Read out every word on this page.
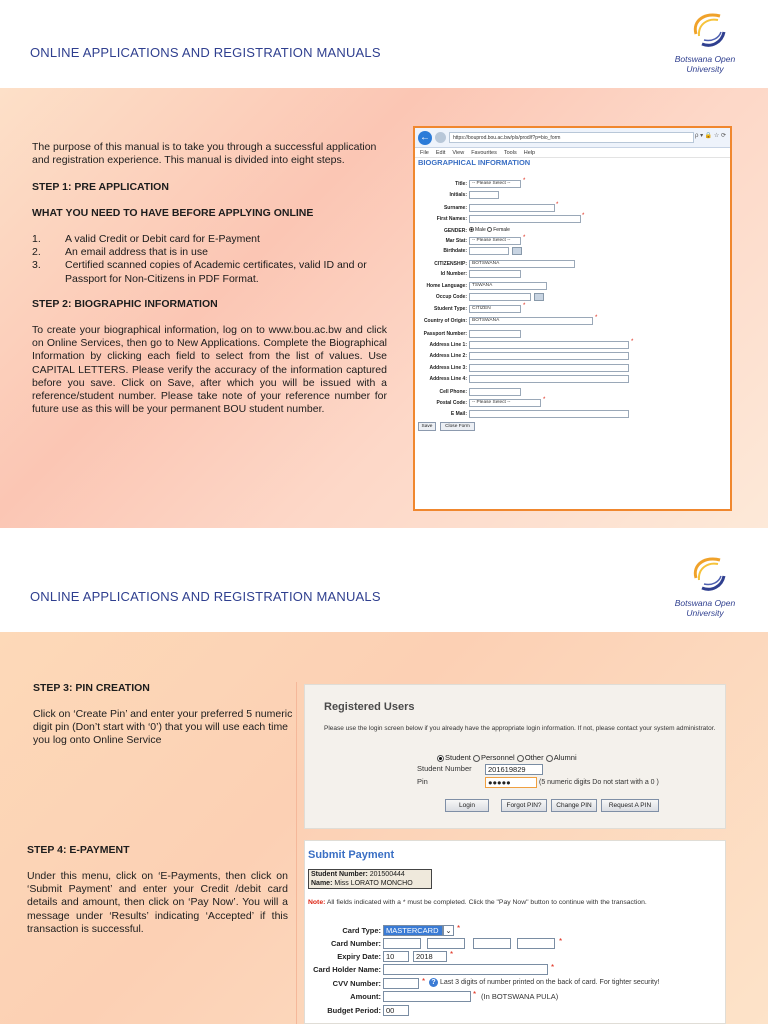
ONLINE APPLICATIONS AND REGISTRATION MANUALS	Botswana Open
University
The purpose of this manual is to take you through a successful application and registration experience. This manual is divided into eight steps.
STEP 1: PRE APPLICATION
WHAT YOU NEED TO HAVE BEFORE APPLYING ONLINE
1.	A valid Credit or Debit card for E-Payment
2.	An email address that is in use
3.	Certified scanned copies of Academic certificates, valid ID and or Passport for Non-Citizens in PDF Format.
STEP 2: BIOGRAPHIC INFORMATION
To create your biographical information, log on to www.bou.ac.bw and click on Online Services, then go to New Applications. Complete the Biographical Information by clicking each field to select from the list of values. Use CAPITAL LETTERS. Please verify the accuracy of the information captured before you save. Click on Save, after which you will be issued with a reference/student number. Please take note of your reference number for future use as this will be your permanent BOU student number.
←	https://bouprod.bou.ac.bw/pls/prod/f?p=bio_form	ρ ▾ 🔒 ☆ ⟳
File Edit View Favourites Tools Help
BIOGRAPHICAL INFORMATION
Title:	-- Please Select --	*
Initials:
Surname:	*
First Names:	*
GENDER:	Male Female
Mar Stat:	-- Please Select --	*
Birthdate:
CITIZENSHIP:	BOTSWANA
Id Number:
Home Language:	TSWANA
Occup Code:
Student Type:	CITIZEN	*
Country of Origin:	BOTSWANA	*
Passport Number:
Address Line 1:	*
Address Line 2:
Address Line 3:
Address Line 4:
Cell Phone:
Postal Code:	-- Please Select --	*
E Mail:
Save	Close Form
ONLINE APPLICATIONS AND REGISTRATION MANUALS	Botswana Open
University
STEP 3: PIN CREATION
Click on ‘Create Pin’ and enter your preferred 5 numeric digit pin (Don’t start with ‘0’) that you will use each time you log onto Online Service
STEP 4: E-PAYMENT
Under this menu, click on ‘E-Payments, then click on ‘Submit Payment’ and enter your Credit /debit card details and amount, then click on ‘Pay Now’. You will a message under ‘Results’ indicating ‘Accepted’ if this transaction is successful.
Registered Users
Please use the login screen below if you already have the appropriate login information. If not, please contact your system administrator.
Student Personnel Other Alumni
Student Number	201619829
Pin	●●●●●	(5 numeric digits Do not start with a 0 )
Login	Forgot PIN?	Change PIN	Request A PIN
Submit Payment
Student Number: 201500444
Name: Miss LORATO MONCHO
Note: All fields indicated with a * must be completed. Click the "Pay Now" button to continue with the transaction.
Card Type: MASTERCARD ⌄ *
Card Number:	*
Expiry Date: 10	2018	*
Card Holder Name:	*
CVV Number:	* ? Last 3 digits of number printed on the back of card. For tighter security!
Amount:	* (In BOTSWANA PULA)
Budget Period: 00
